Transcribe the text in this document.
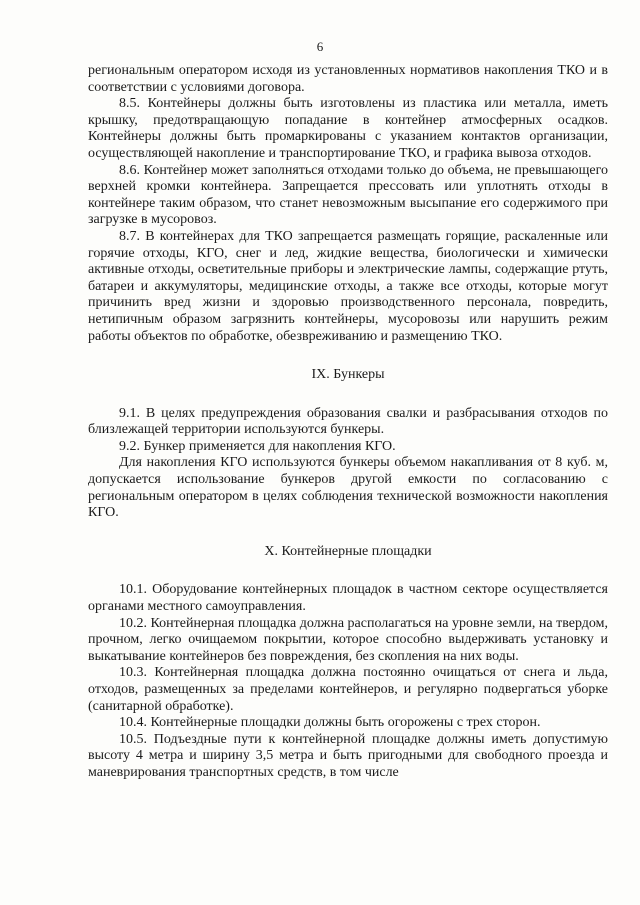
6

региональным оператором исходя из установленных нормативов накопления ТКО и в соответствии с условиями договора.

8.5. Контейнеры должны быть изготовлены из пластика или металла, иметь крышку, предотвращающую попадание в контейнер атмосферных осадков. Контейнеры должны быть промаркированы с указанием контактов организации, осуществляющей накопление и транспортирование ТКО, и графика вывоза отходов.

8.6. Контейнер может заполняться отходами только до объема, не превышающего верхней кромки контейнера. Запрещается прессовать или уплотнять отходы в контейнере таким образом, что станет невозможным высыпание его содержимого при загрузке в мусоровоз.

8.7. В контейнерах для ТКО запрещается размещать горящие, раскаленные или горячие отходы, КГО, снег и лед, жидкие вещества, биологически и химически активные отходы, осветительные приборы и электрические лампы, содержащие ртуть, батареи и аккумуляторы, медицинские отходы, а также все отходы, которые могут причинить вред жизни и здоровью производственного персонала, повредить, нетипичным образом загрязнить контейнеры, мусоровозы или нарушить режим работы объектов по обработке, обезвреживанию и размещению ТКО.

IX. Бункеры

9.1. В целях предупреждения образования свалки и разбрасывания отходов по близлежащей территории используются бункеры.

9.2. Бункер применяется для накопления КГО.

Для накопления КГО используются бункеры объемом накапливания от 8 куб. м, допускается использование бункеров другой емкости по согласованию с региональным оператором в целях соблюдения технической возможности накопления КГО.

X. Контейнерные площадки

10.1. Оборудование контейнерных площадок в частном секторе осуществляется органами местного самоуправления.

10.2. Контейнерная площадка должна располагаться на уровне земли, на твердом, прочном, легко очищаемом покрытии, которое способно выдерживать установку и выкатывание контейнеров без повреждения, без скопления на них воды.

10.3. Контейнерная площадка должна постоянно очищаться от снега и льда, отходов, размещенных за пределами контейнеров, и регулярно подвергаться уборке (санитарной обработке).

10.4. Контейнерные площадки должны быть огорожены с трех сторон.

10.5. Подъездные пути к контейнерной площадке должны иметь допустимую высоту 4 метра и ширину 3,5 метра и быть пригодными для свободного проезда и маневрирования транспортных средств, в том числе
